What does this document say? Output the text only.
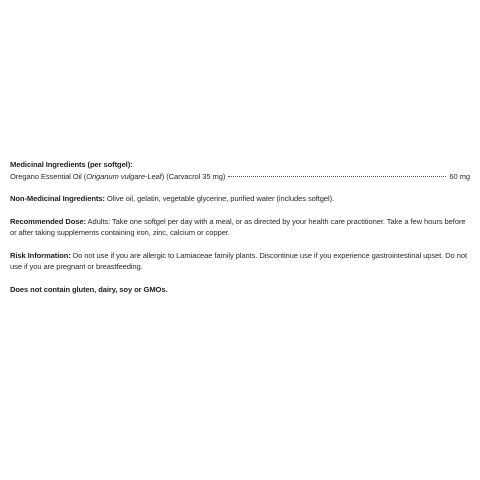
Medicinal Ingredients (per softgel):
Oregano Essential Oil (Origanum vulgare-Leaf) (Carvacrol 35 mg)	60 mg
Non-Medicinal Ingredients: Olive oil, gelatin, vegetable glycerine, purified water (includes softgel).
Recommended Dose: Adults: Take one softgel per day with a meal, or as directed by your health care practitioner. Take a few hours before or after taking supplements containing iron, zinc, calcium or copper.
Risk Information: Do not use if you are allergic to Lamiaceae family plants. Discontinue use if you experience gastrointestinal upset. Do not use if you are pregnant or breastfeeding.
Does not contain gluten, dairy, soy or GMOs.
